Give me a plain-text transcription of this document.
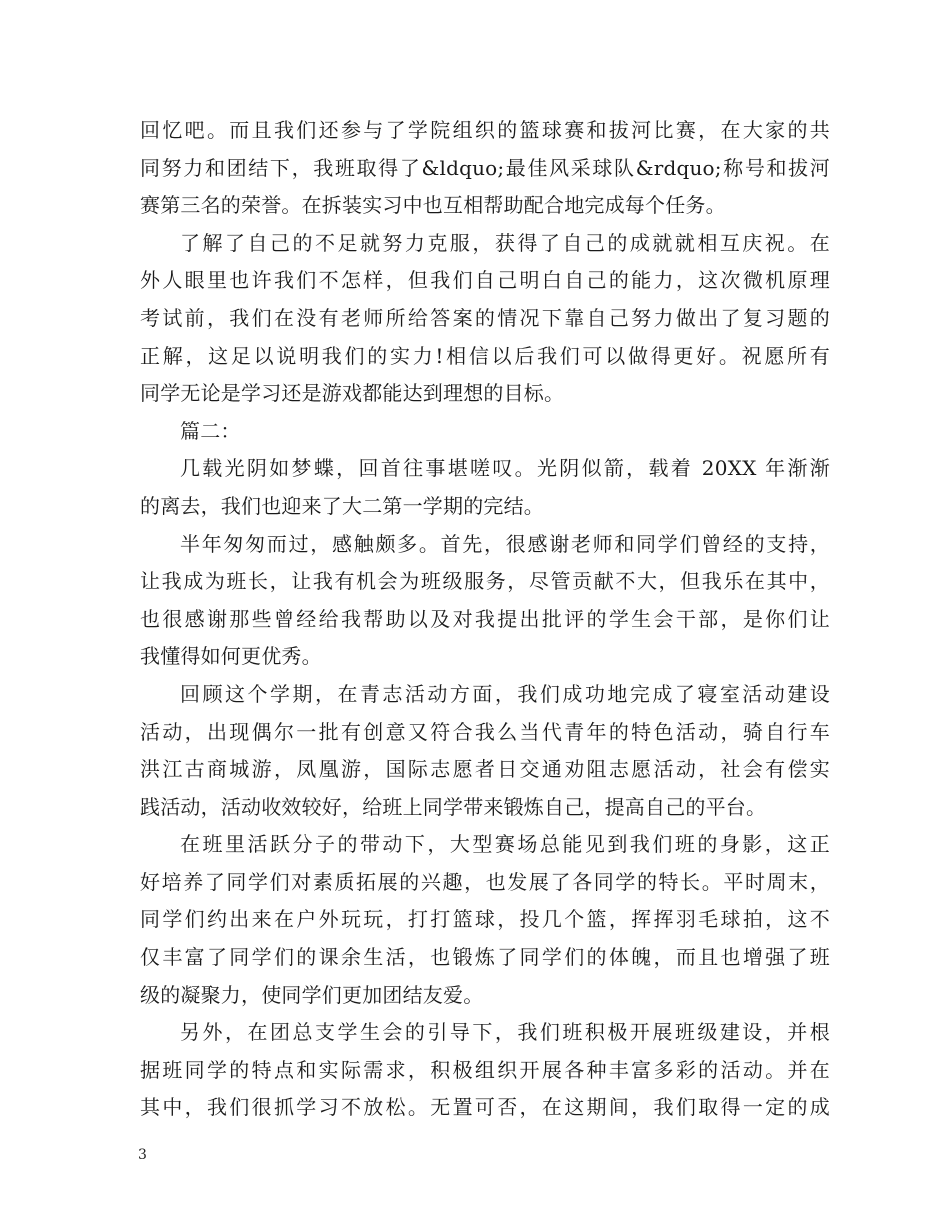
回忆吧。而且我们还参与了学院组织的篮球赛和拔河比赛，在大家的共
同努力和团结下，我班取得了&ldquo;最佳风采球队&rdquo;称号和拔河
赛第三名的荣誉。在拆装实习中也互相帮助配合地完成每个任务。
了解了自己的不足就努力克服，获得了自己的成就就相互庆祝。在
外人眼里也许我们不怎样，但我们自己明白自己的能力，这次微机原理
考试前，我们在没有老师所给答案的情况下靠自己努力做出了复习题的
正解，这足以说明我们的实力!相信以后我们可以做得更好。祝愿所有
同学无论是学习还是游戏都能达到理想的目标。
篇二：
几载光阴如梦蝶，回首往事堪嗟叹。光阴似箭，载着 20XX 年渐渐
的离去，我们也迎来了大二第一学期的完结。
半年匆匆而过，感触颇多。首先，很感谢老师和同学们曾经的支持，
让我成为班长，让我有机会为班级服务，尽管贡献不大，但我乐在其中，
也很感谢那些曾经给我帮助以及对我提出批评的学生会干部，是你们让
我懂得如何更优秀。
回顾这个学期，在青志活动方面，我们成功地完成了寝室活动建设
活动，出现偶尔一批有创意又符合我么当代青年的特色活动，骑自行车
洪江古商城游，凤凰游，国际志愿者日交通劝阻志愿活动，社会有偿实
践活动，活动收效较好，给班上同学带来锻炼自己，提高自己的平台。
在班里活跃分子的带动下，大型赛场总能见到我们班的身影，这正
好培养了同学们对素质拓展的兴趣，也发展了各同学的特长。平时周末，
同学们约出来在户外玩玩，打打篮球，投几个篮，挥挥羽毛球拍，这不
仅丰富了同学们的课余生活，也锻炼了同学们的体魄，而且也增强了班
级的凝聚力，使同学们更加团结友爱。
另外，在团总支学生会的引导下，我们班积极开展班级建设，并根
据班同学的特点和实际需求，积极组织开展各种丰富多彩的活动。并在
其中，我们很抓学习不放松。无置可否，在这期间，我们取得一定的成
3
